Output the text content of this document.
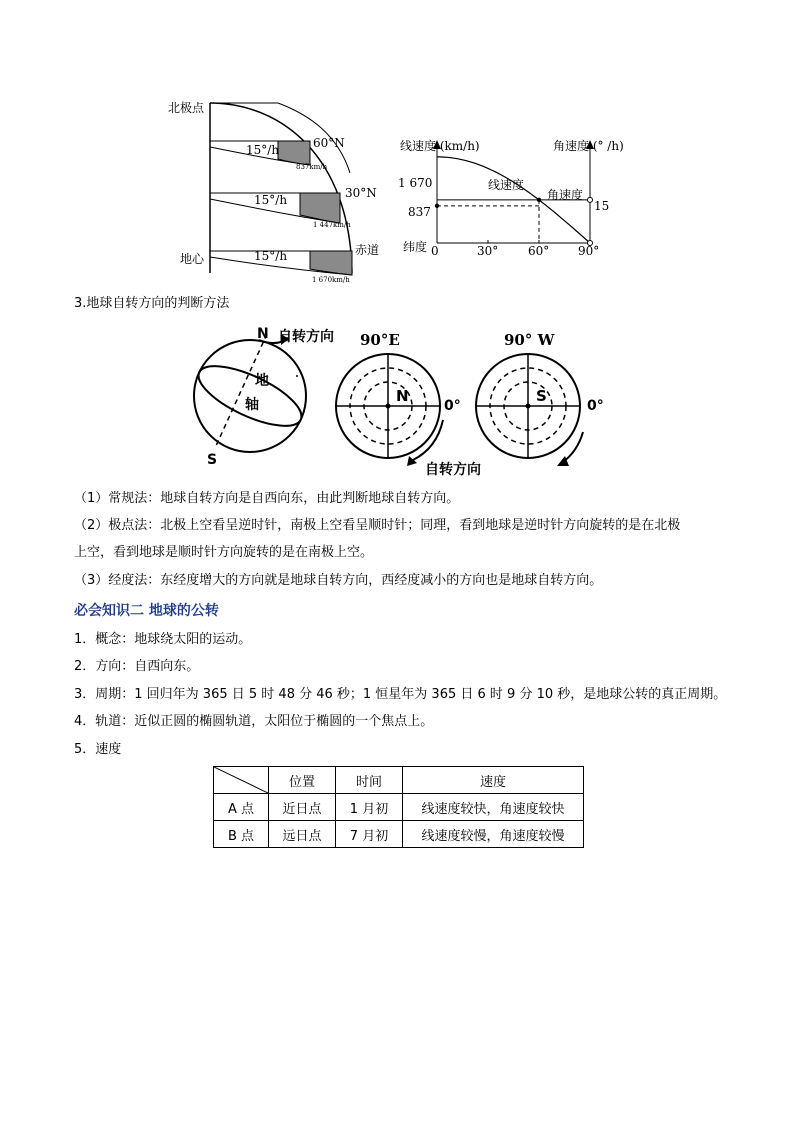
北极点
地心
60°N
30°N
赤道
15°/h
15°/h
15°/h
837km/h
1 447km/h
1 670km/h
线速度 (km/h)	角速度 (° /h)
纬度 0	30° 60° 90°
1 670
837	15
线速度
角速度
3.地球自转方向的判断方法
N 自转方向
地
轴
S
90°E	90° W
N	S
0°	0°
自转方向
（1）常规法：地球自转方向是自西向东，由此判断地球自转方向。
（2）极点法：北极上空看呈逆时针，南极上空看呈顺时针；同理，看到地球是逆时针方向旋转的是在北极
上空，看到地球是顺时针方向旋转的是在南极上空。
（3）经度法：东经度增大的方向就是地球自转方向，西经度减小的方向也是地球自转方向。
必会知识二 地球的公转
1．概念：地球绕太阳的运动。
2．方向：自西向东。
3．周期：1 回归年为 365 日 5 时 48 分 46 秒；1 恒星年为 365 日 6 时 9 分 10 秒，是地球公转的真正周期。
4．轨道：近似正圆的椭圆轨道，太阳位于椭圆的一个焦点上。
5．速度
	位置	时间	速度
A 点	近日点	1 月初	线速度较快，角速度较快
B 点	远日点	7 月初	线速度较慢，角速度较慢
